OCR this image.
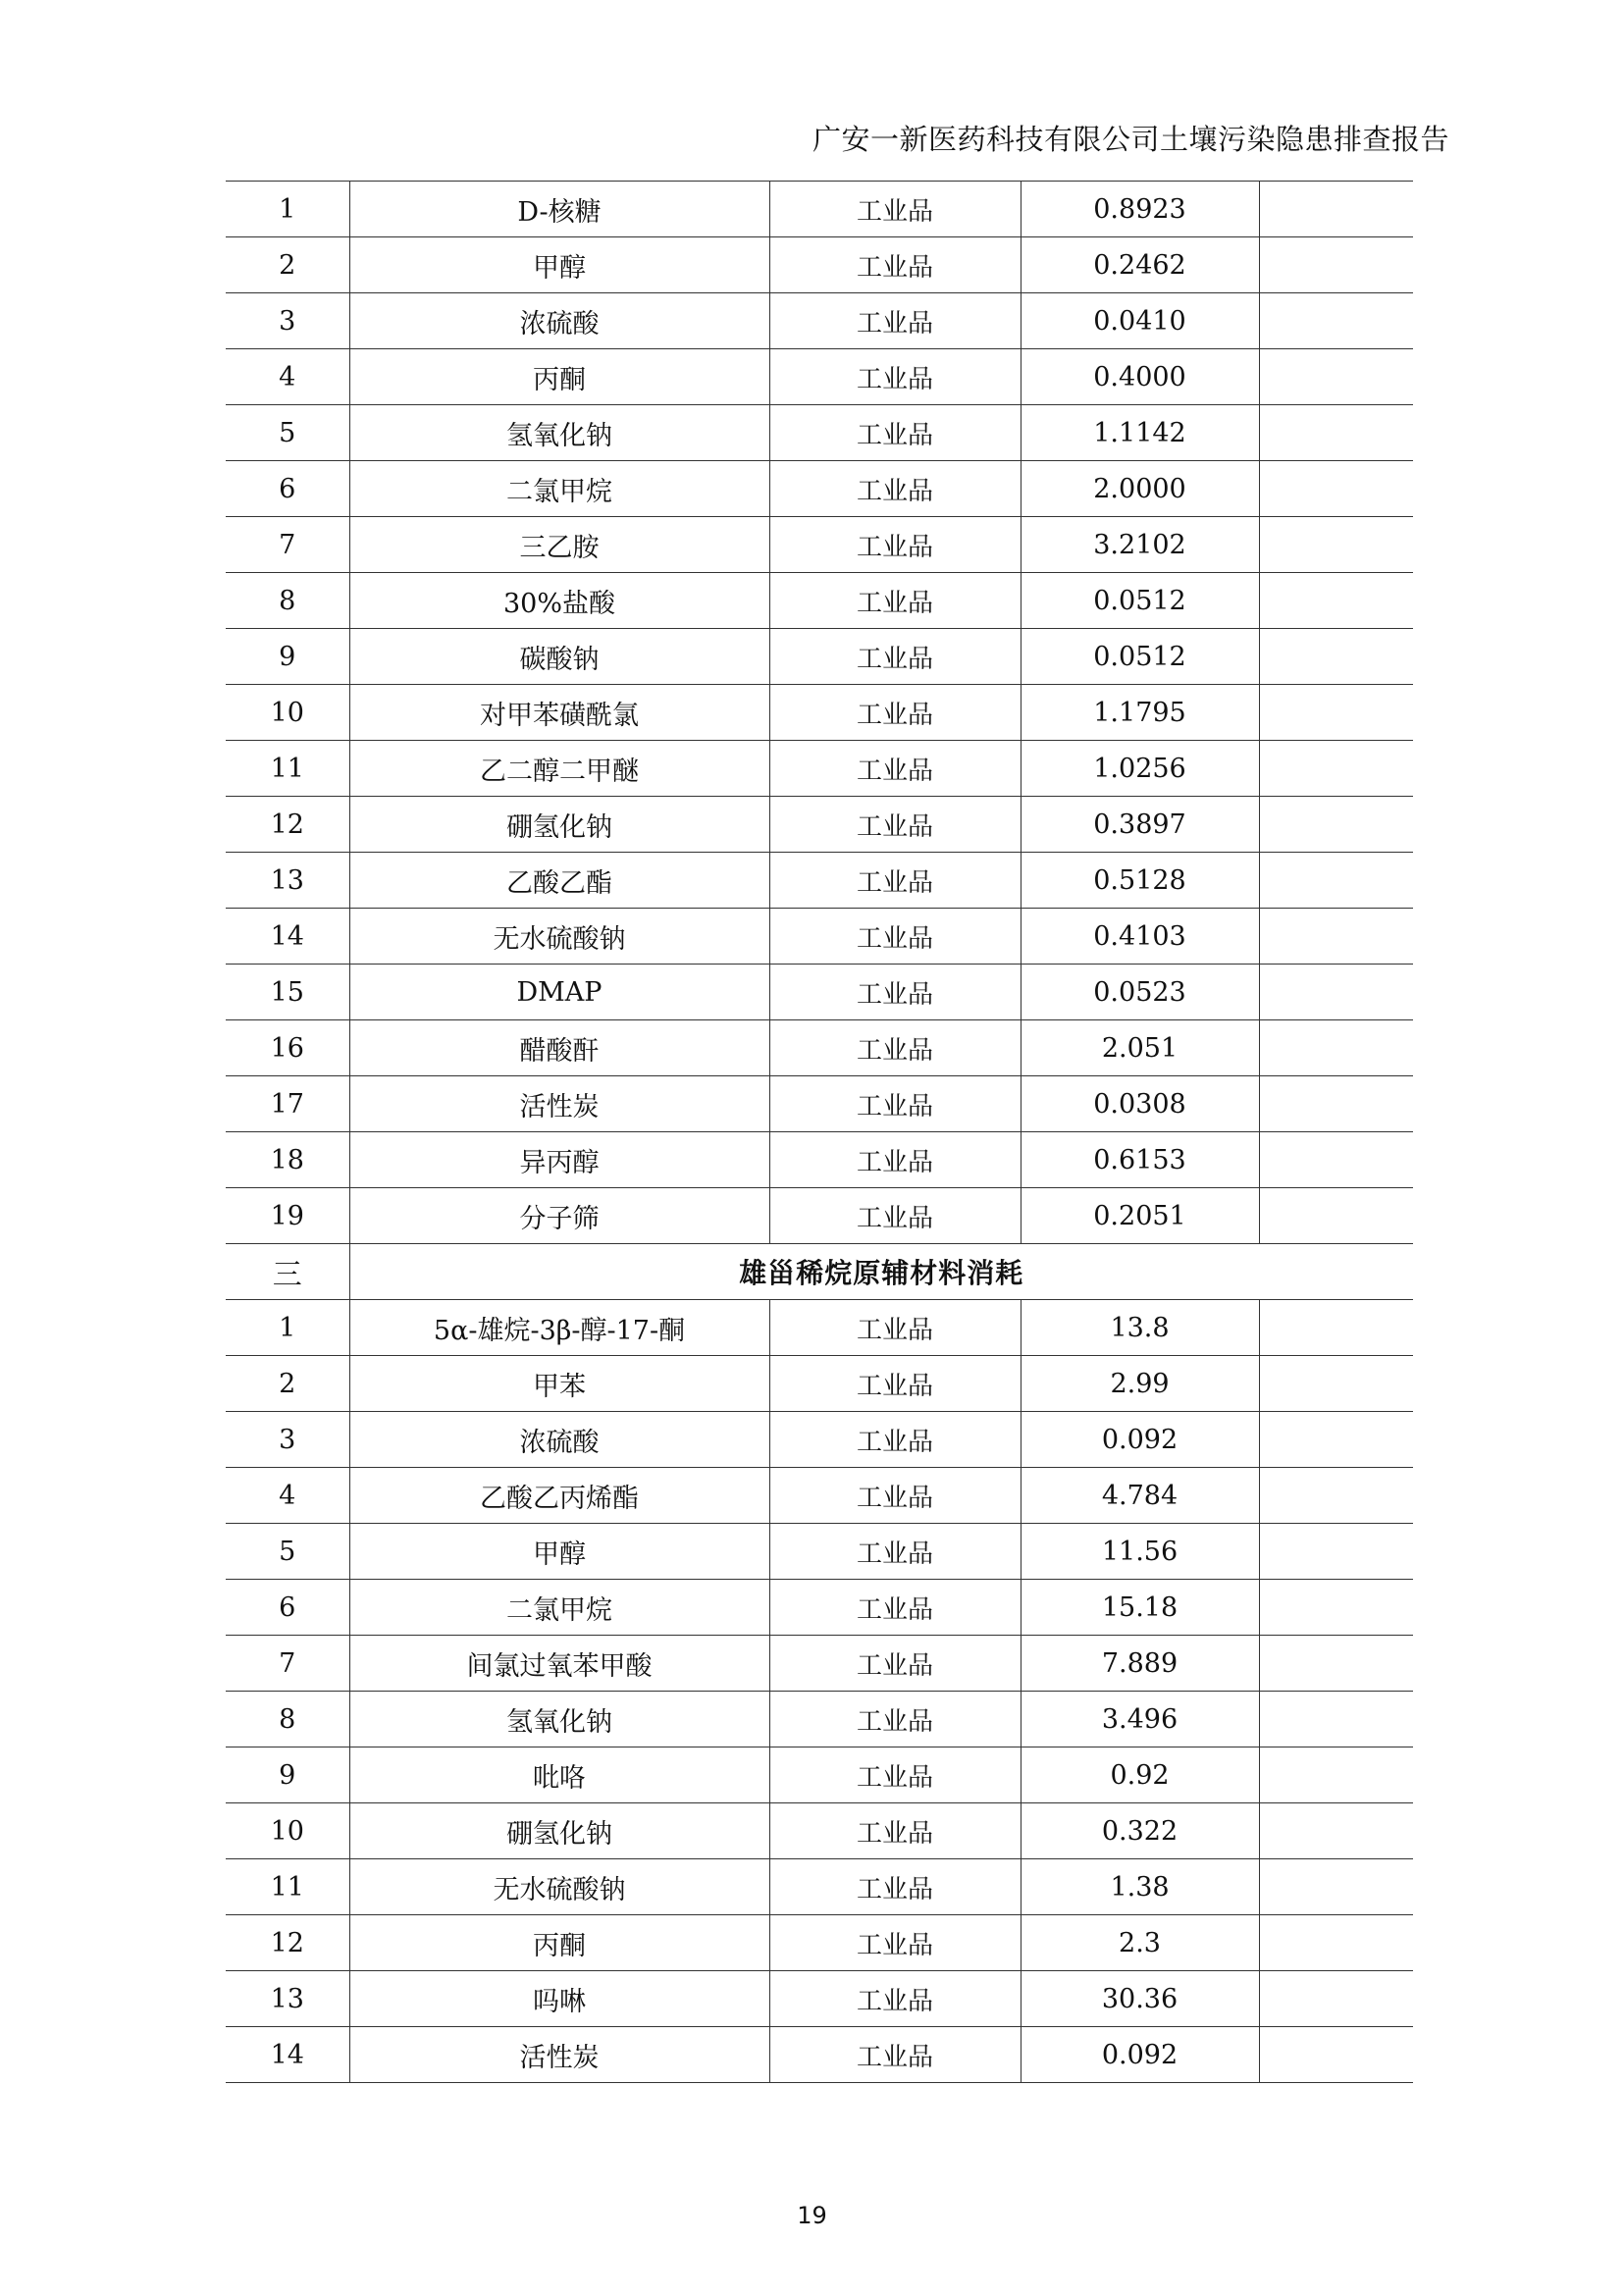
广安一新医药科技有限公司土壤污染隐患排查报告
1	D-核糖	工业品	0.8923	
2	甲醇	工业品	0.2462	
3	浓硫酸	工业品	0.0410	
4	丙酮	工业品	0.4000	
5	氢氧化钠	工业品	1.1142	
6	二氯甲烷	工业品	2.0000	
7	三乙胺	工业品	3.2102	
8	30%盐酸	工业品	0.0512	
9	碳酸钠	工业品	0.0512	
10	对甲苯磺酰氯	工业品	1.1795	
11	乙二醇二甲醚	工业品	1.0256	
12	硼氢化钠	工业品	0.3897	
13	乙酸乙酯	工业品	0.5128	
14	无水硫酸钠	工业品	0.4103	
15	DMAP	工业品	0.0523	
16	醋酸酐	工业品	2.051	
17	活性炭	工业品	0.0308	
18	异丙醇	工业品	0.6153	
19	分子筛	工业品	0.2051	
三	雄甾稀烷原辅材料消耗			
1	5α-雄烷-3β-醇-17-酮	工业品	13.8	
2	甲苯	工业品	2.99	
3	浓硫酸	工业品	0.092	
4	乙酸乙丙烯酯	工业品	4.784	
5	甲醇	工业品	11.56	
6	二氯甲烷	工业品	15.18	
7	间氯过氧苯甲酸	工业品	7.889	
8	氢氧化钠	工业品	3.496	
9	吡咯	工业品	0.92	
10	硼氢化钠	工业品	0.322	
11	无水硫酸钠	工业品	1.38	
12	丙酮	工业品	2.3	
13	吗啉	工业品	30.36	
14	活性炭	工业品	0.092	
19
